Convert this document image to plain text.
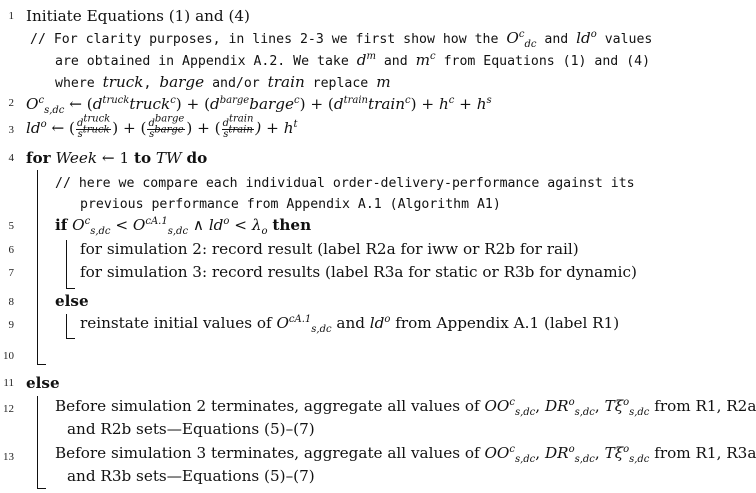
1
2
3
4
5
6
7
8
9
10
11
12
13
Initiate Equations (1) and (4)
// For clarity purposes, in lines 2-3 we first show how the $O^c_{dc}$ and $ld^o$ values
are obtained in Appendix A.2. We take $d^m$ and $m^c$ from Equations (1) and (4)
where truck, barge and/or train replace m
$O^c_{s,dc}$ ← $(d^{truck}truck^c)$ + $(d^{barge}barge^c)$ + $(d^{train}train^c) + h^c + h^s$
$ld^o$ ← ( $\frac{d^{truck}}{s^{truck}}$ ) + ( $\frac{d^{barge}}{s^{barge}}$ ) + ( $\frac{d^{train}}{s^{train}}$ ) + $h^t$
for Week ← 1 to TW do
// here we compare each individual order-delivery-performance against its
previous performance from Appendix A.1 (Algorithm A1)
if $O^c_{s,dc} < O^{cA.1}_{s,dc}$ ∧ $ld^o < \lambda_o$ then
for simulation 2: record result (label R2a for iww or R2b for rail)
for simulation 3: record results (label R3a for static or R3b for dynamic)
else
reinstate initial values of $O^{cA.1}_{s,dc}$ and $ld^o$ from Appendix A.1 (label R1)
else
Before simulation 2 terminates, aggregate all values of $OO^c_{s,dc}$, $DR^o_{s,dc}$, $T\xi^o_{s,dc}$ from R1, R2a
and R2b sets—Equations (5)–(7)
Before simulation 3 terminates, aggregate all values of $OO^c_{s,dc}$, $DR^o_{s,dc}$, $T\xi^o_{s,dc}$ from R1, R3a
and R3b sets—Equations (5)–(7)
